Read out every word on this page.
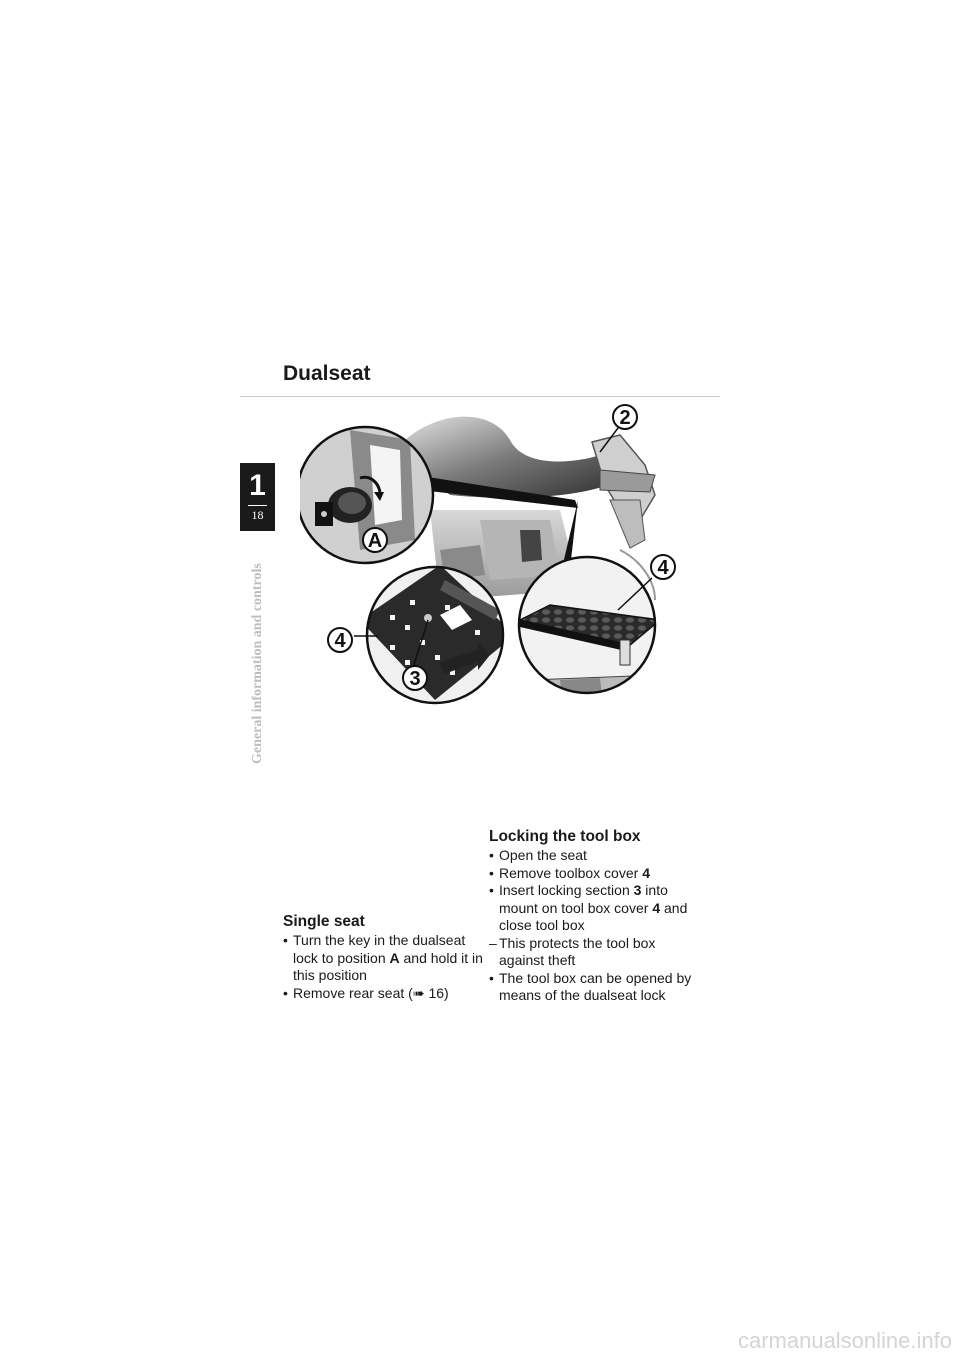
Dualseat
1
18
General information and controls
2
A
4
4
3
Single seat
• Turn the key in the dualseat lock to position A and hold it in this position
• Remove rear seat (➠ 16)
Locking the tool box
• Open the seat
• Remove toolbox cover 4
• Insert locking section 3 into mount on tool box cover 4 and close tool box
– This protects the tool box against theft
• The tool box can be opened by means of the dualseat lock
carmanualsonline.info
